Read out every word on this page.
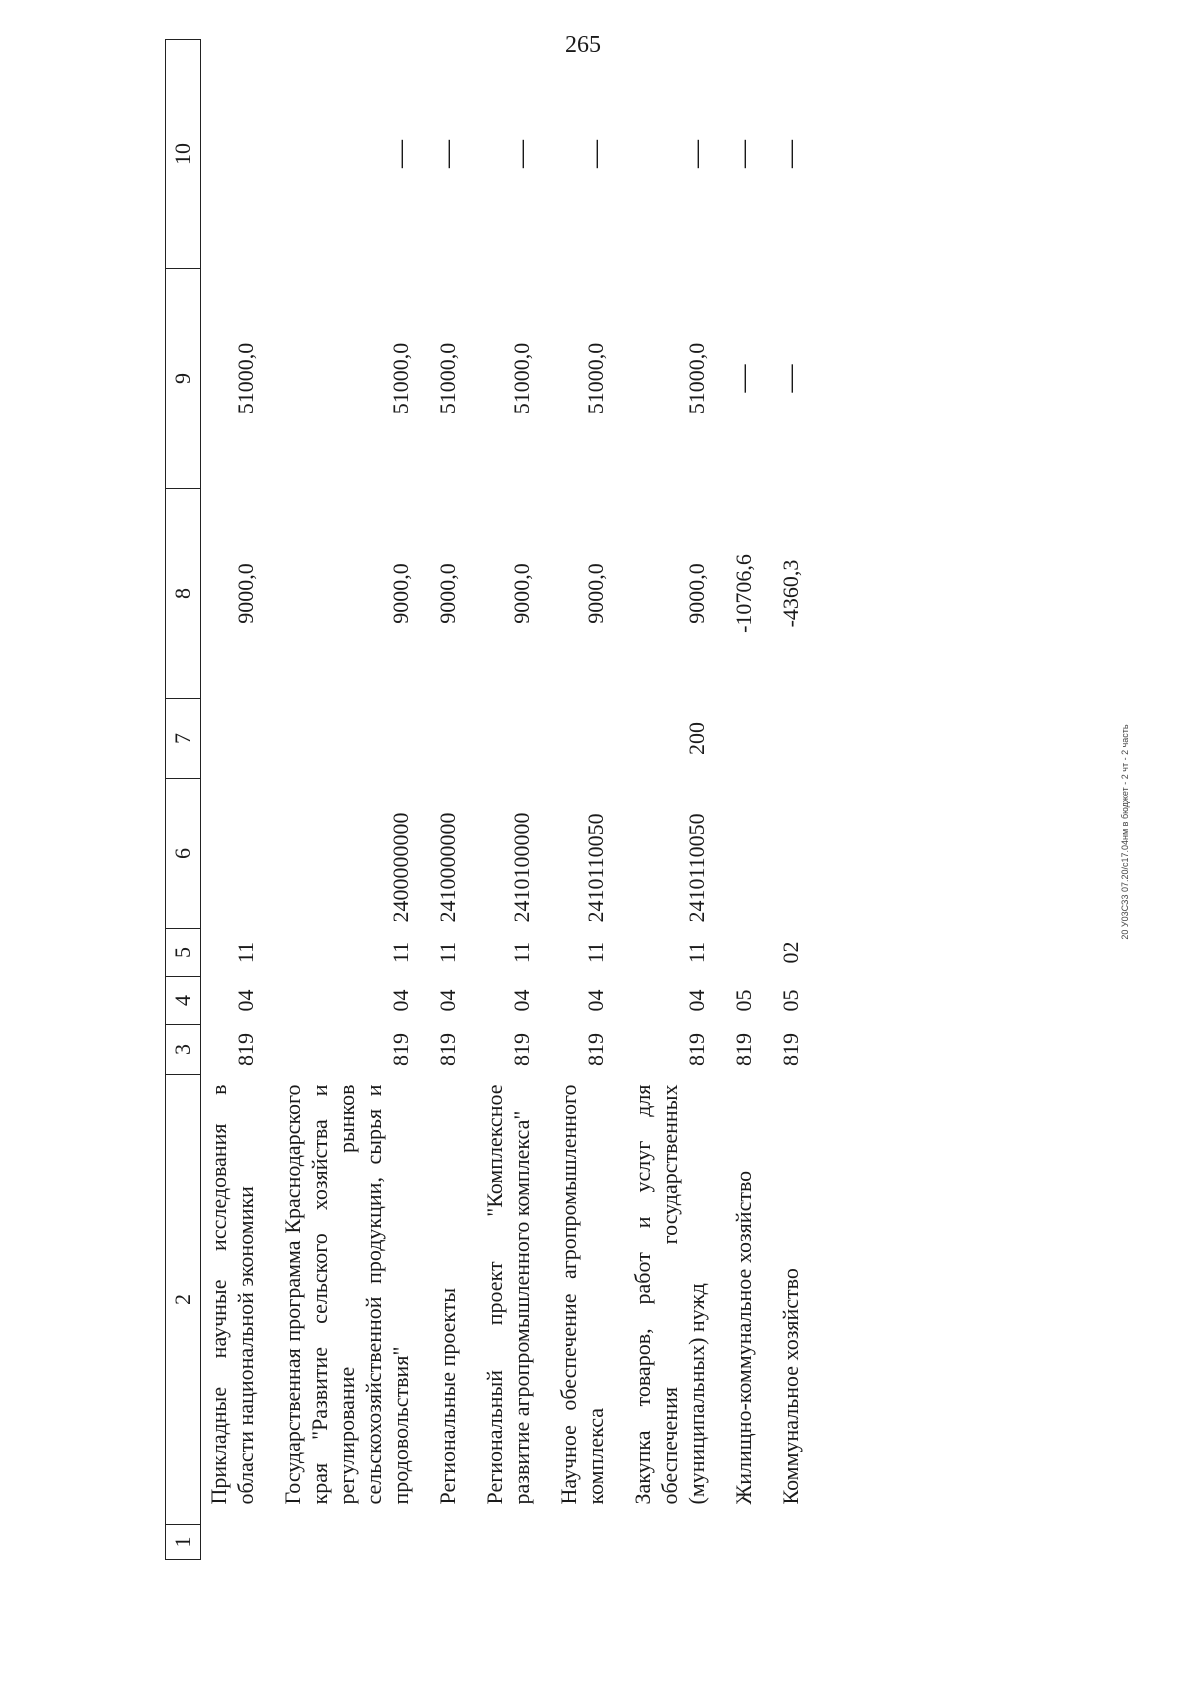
265
1	2	3	4	5	6	7	8	9	10
	Прикладные научные исследования в области национальной экономики	819	04	11			9000,0	51000,0	
	Государственная программа Краснодарского края "Развитие сельского хозяйства и регулирование рынков сельскохозяйственной продукции, сырья и продовольствия"	819	04	11	2400000000		9000,0	51000,0	—
	Региональные проекты	819	04	11	2410000000		9000,0	51000,0	—
	Региональный проект "Комплексное развитие агропромышленного комплекса"	819	04	11	2410100000		9000,0	51000,0	—
	Научное обеспечение агропромышленного комплекса	819	04	11	2410110050		9000,0	51000,0	—
	Закупка товаров, работ и услуг для обеспечения государственных (муниципальных) нужд	819	04	11	2410110050	200	9000,0	51000,0	—
	Жилищно-коммунальное хозяйство	819	05				-10706,6	—	—
	Коммунальное хозяйство	819	05	02			-4360,3	—	—
20 У03СЗ3 07.20/с17.04нм в бюджет - 2 чт - 2 часть
